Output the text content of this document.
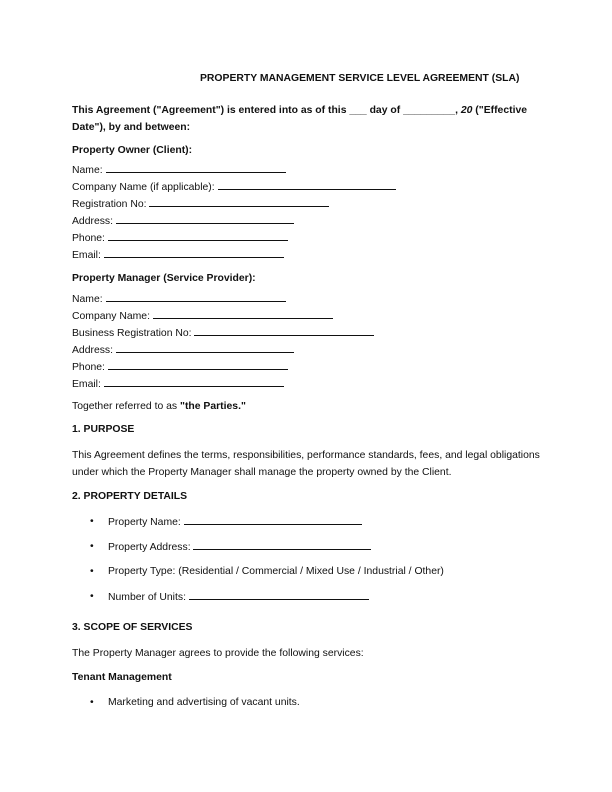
PROPERTY MANAGEMENT SERVICE LEVEL AGREEMENT (SLA)
This Agreement ("Agreement") is entered into as of this ___ day of _________, 20 ("Effective Date"), by and between:
Property Owner (Client):
Name:
Company Name (if applicable):
Registration No:
Address:
Phone:
Email:
Property Manager (Service Provider):
Name:
Company Name:
Business Registration No:
Address:
Phone:
Email:
Together referred to as "the Parties."
1. PURPOSE
This Agreement defines the terms, responsibilities, performance standards, fees, and legal obligations under which the Property Manager shall manage the property owned by the Client.
2. PROPERTY DETAILS
• Property Name:
• Property Address:
• Property Type: (Residential / Commercial / Mixed Use / Industrial / Other)
• Number of Units:
3. SCOPE OF SERVICES
The Property Manager agrees to provide the following services:
Tenant Management
• Marketing and advertising of vacant units.
